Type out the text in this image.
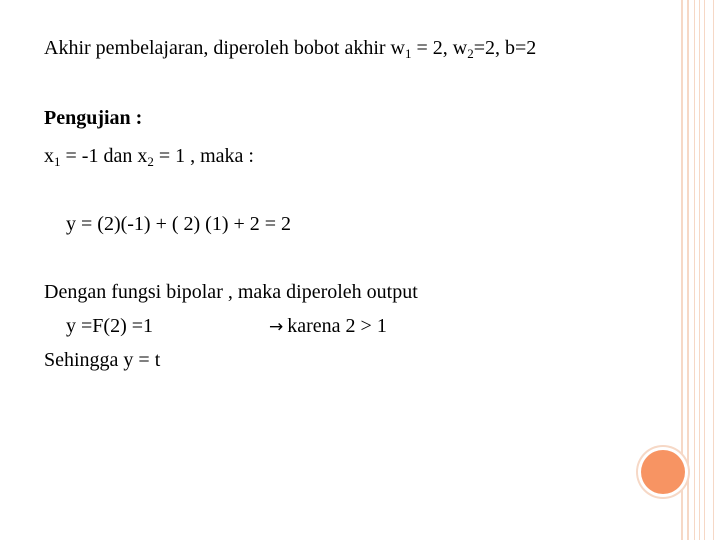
Akhir pembelajaran, diperoleh bobot akhir $w_1 = 2$, $w_2=2$, b=2
Pengujian :
$x_1 = -1$ dan $x_2 = 1$ , maka :
y = (2)(-1) + ( 2) (1) + 2 = 2
Dengan fungsi bipolar , maka diperoleh output
y =F(2) =1	→ karena 2 > 1
Sehingga y = t
